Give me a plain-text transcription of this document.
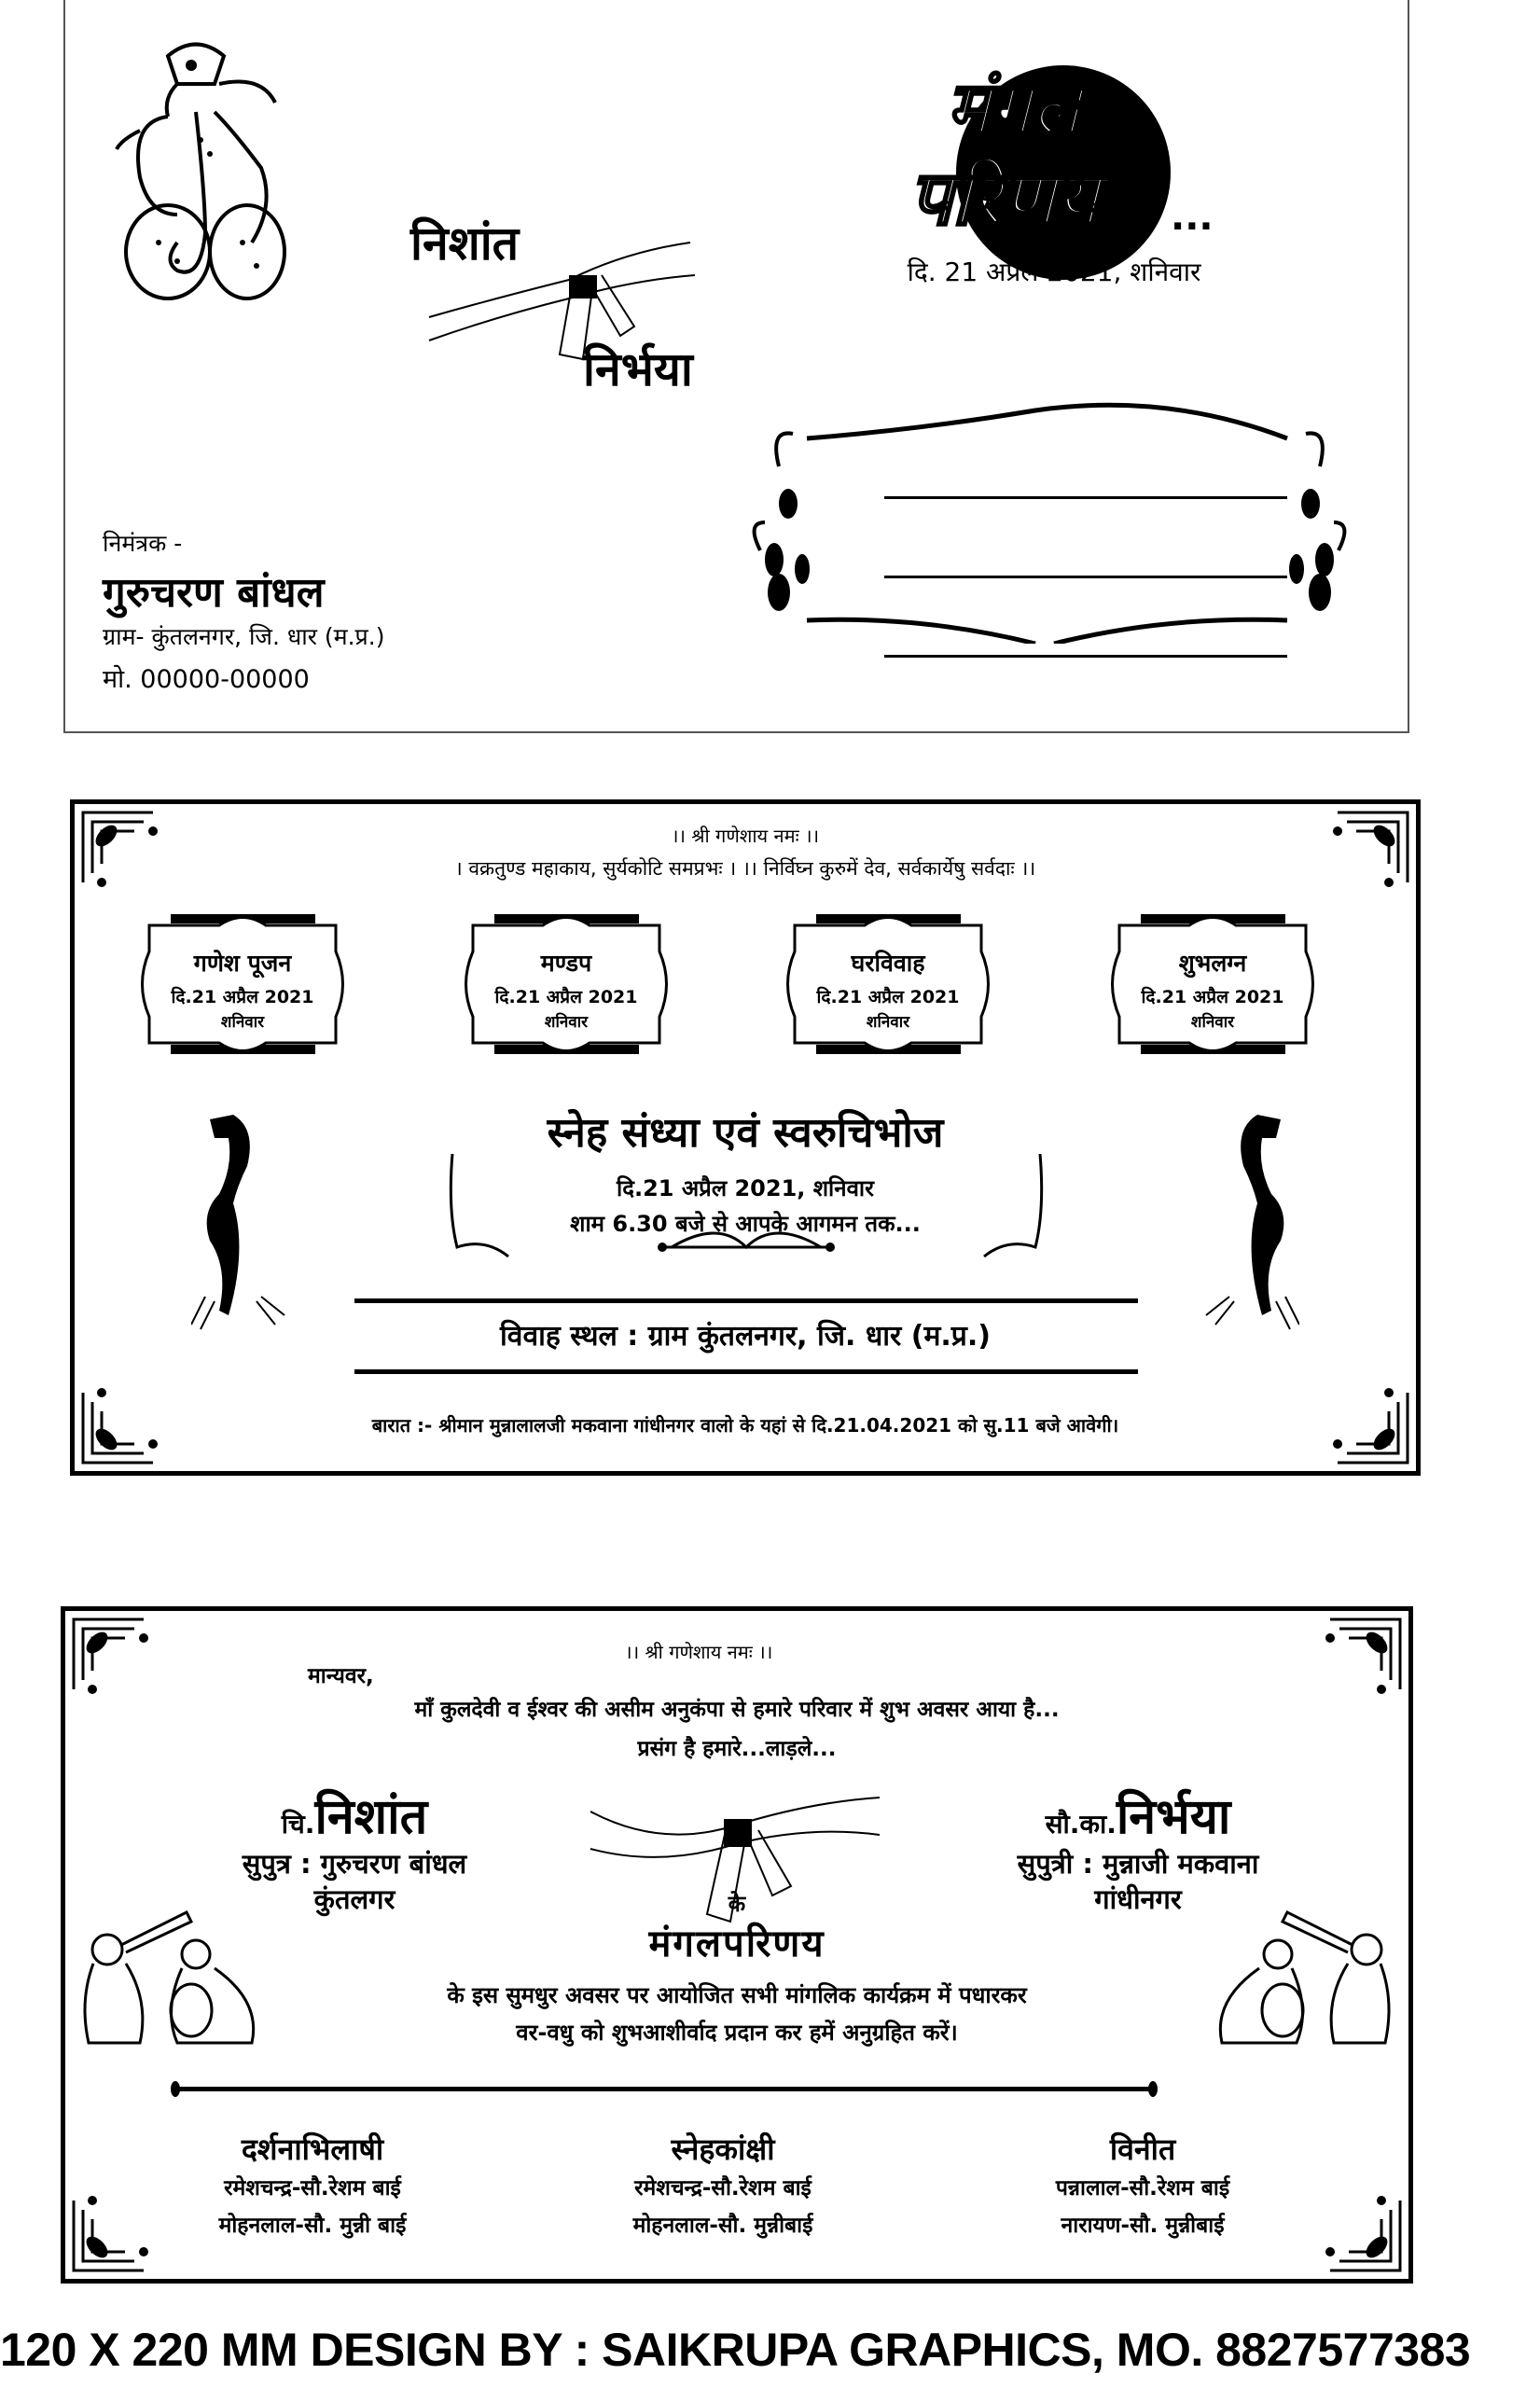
निशांत
निर्भया
मंगल
परिणय ...
दि. 21 अप्रैल 2021, शनिवार
निमंत्रक -
गुरुचरण बांधल
ग्राम- कुंतलनगर, जि. धार (म.प्र.)
मो. 00000-00000
।। श्री गणेशाय नमः ।।
। वक्रतुण्ड महाकाय, सुर्यकोटि समप्रभः । ।। निर्विघ्न कुरुमें देव, सर्वकार्येषु सर्वदाः ।।
गणेश पूजन
दि.21 अप्रैल 2021
शनिवार
मण्डप
दि.21 अप्रैल 2021
शनिवार
घरविवाह
दि.21 अप्रैल 2021
शनिवार
शुभलग्न
दि.21 अप्रैल 2021
शनिवार
स्नेह संध्या एवं स्वरुचिभोज
दि.21 अप्रैल 2021, शनिवार
शाम 6.30 बजे से आपके आगमन तक...
विवाह स्थल : ग्राम कुंतलनगर, जि. धार (म.प्र.)
बारात :- श्रीमान मुन्नालालजी मकवाना गांधीनगर वालो के यहां से दि.21.04.2021 को सु.11 बजे आवेगी।
।। श्री गणेशाय नमः ।।
मान्यवर,
माँ कुलदेवी व ईश्वर की असीम अनुकंपा से हमारे परिवार में शुभ अवसर आया है...
प्रसंग है हमारे...लाड़ले...
चि.निशांत
सुपुत्र : गुरुचरण बांधल
कुंतलगर
सौ.का.निर्भया
सुपुत्री : मुन्नाजी मकवाना
गांधीनगर
के
मंगलपरिणय
के इस सुमधुर अवसर पर आयोजित सभी मांगलिक कार्यक्रम में पधारकर
वर-वधु को शुभआशीर्वाद प्रदान कर हमें अनुग्रहित करें।
दर्शनाभिलाषी
रमेशचन्द्र-सौ.रेशम बाई
मोहनलाल-सौ. मुन्नी बाई
स्नेहकांक्षी
रमेशचन्द्र-सौ.रेशम बाई
मोहनलाल-सौ. मुन्नीबाई
विनीत
पन्नालाल-सौ.रेशम बाई
नारायण-सौ. मुन्नीबाई
120 X 220 MM DESIGN BY : SAIKRUPA GRAPHICS, MO. 8827577383
